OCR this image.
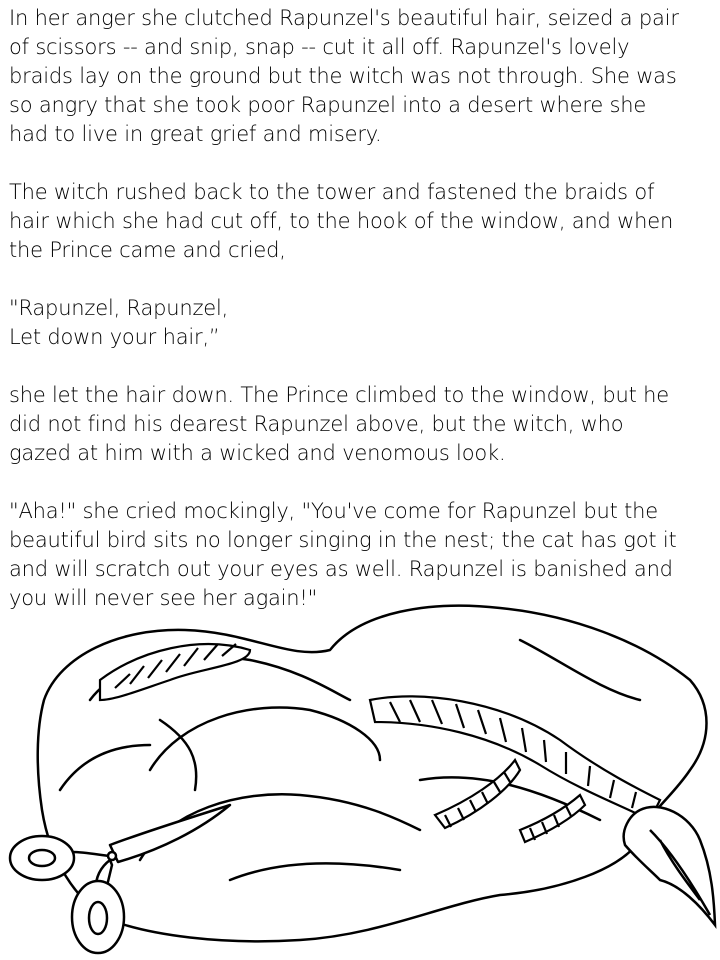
In her anger she clutched Rapunzel's beautiful hair, seized a pair
of scissors -- and snip, snap -- cut it all off. Rapunzel's lovely
braids lay on the ground but the witch was not through. She was
so angry that she took poor Rapunzel into a desert where she
had to live in great grief and misery.

The witch rushed back to the tower and fastened the braids of
hair which she had cut off, to the hook of the window, and when
the Prince came and cried,

"Rapunzel, Rapunzel,
Let down your hair,”

she let the hair down. The Prince climbed to the window, but he
did not find his dearest Rapunzel above, but the witch, who
gazed at him with a wicked and venomous look.

"Aha!" she cried mockingly, "You've come for Rapunzel but the
beautiful bird sits no longer singing in the nest; the cat has got it
and will scratch out your eyes as well. Rapunzel is banished and
you will never see her again!"
